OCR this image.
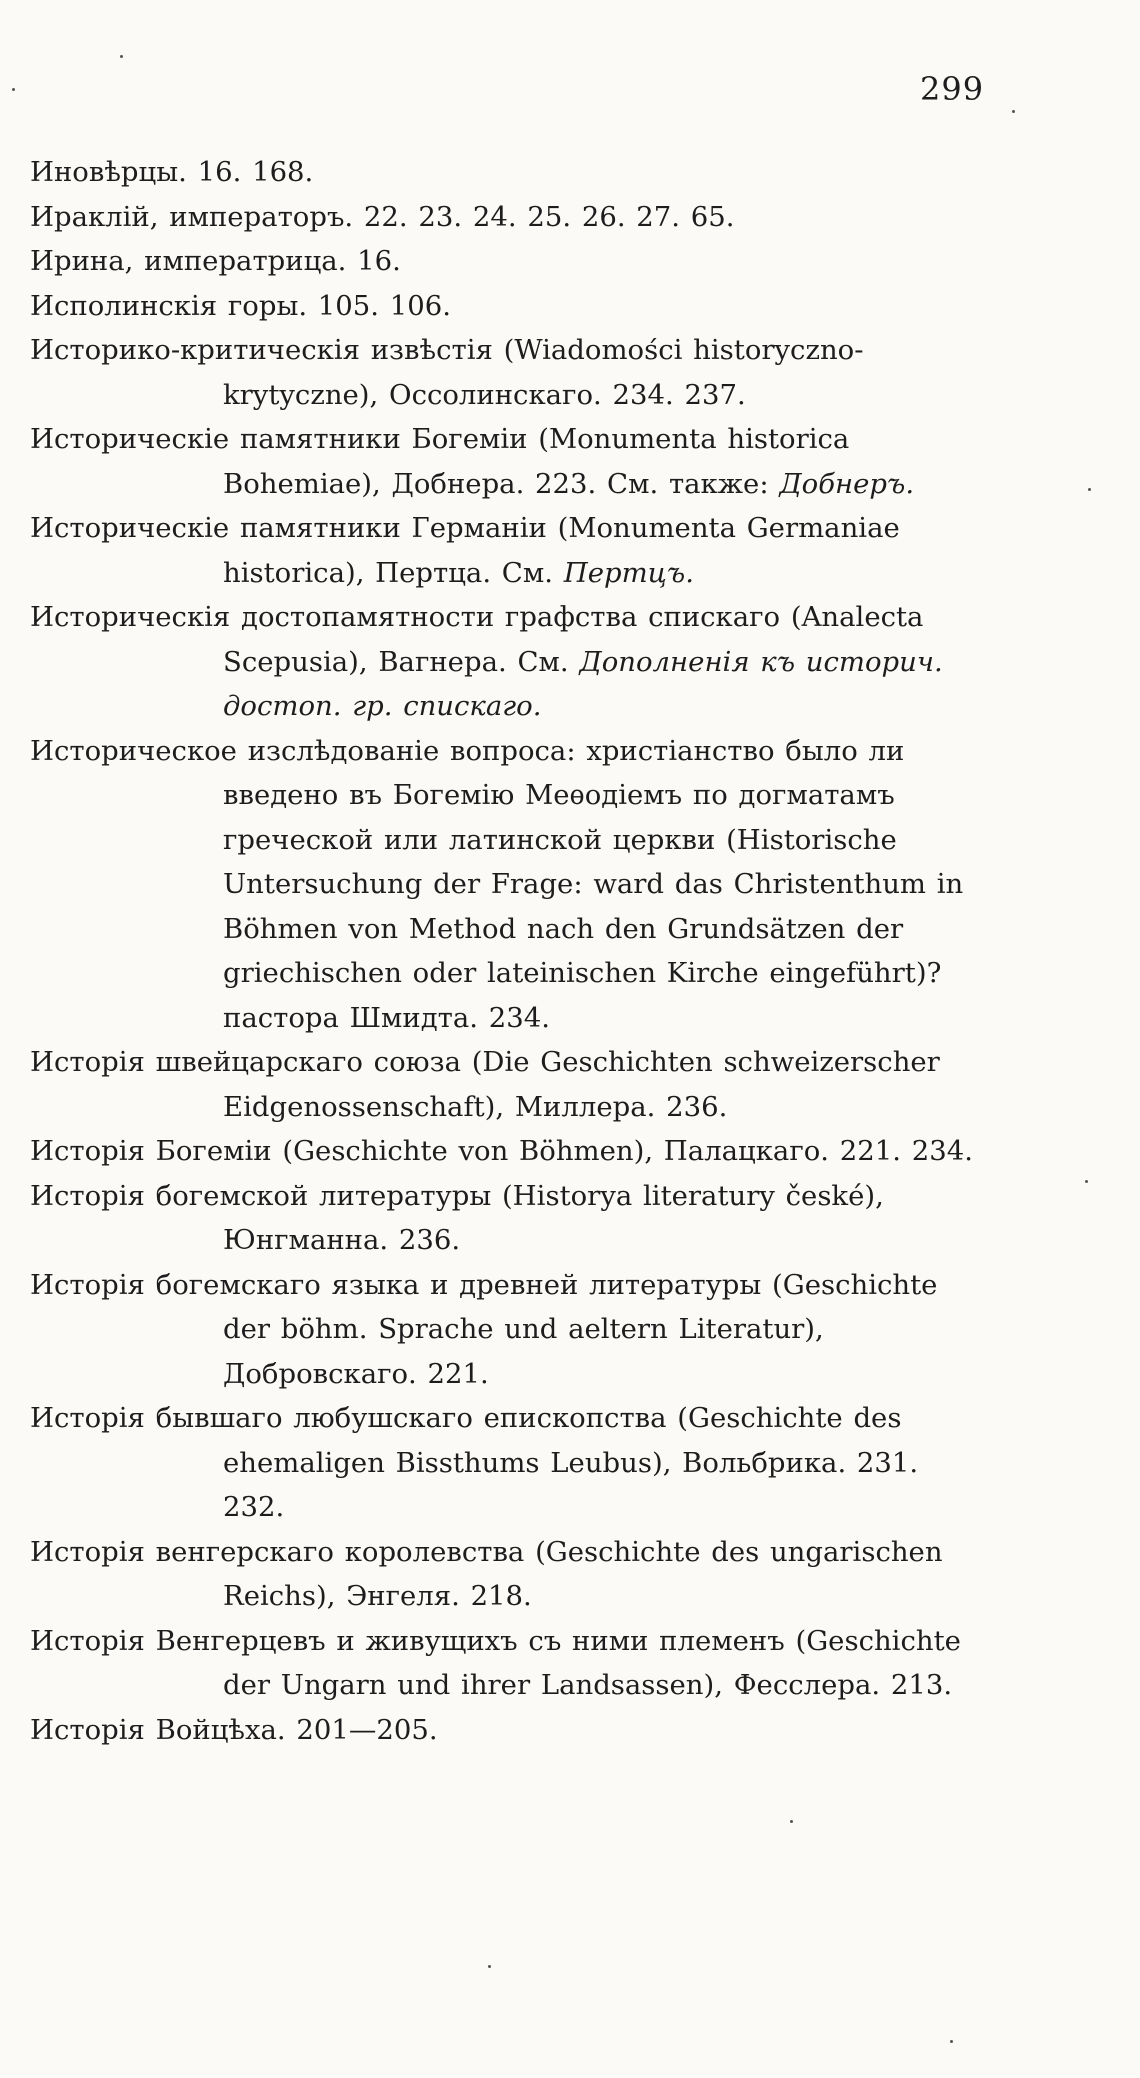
299

Иновѣрцы. 16. 168.

Ираклій, императоръ. 22. 23. 24. 25. 26. 27. 65.

Ирина, императрица. 16.

Исполинскія горы. 105. 106.

Историко-критическія извѣстія (Wiadomości historyczno-krytyczne), Оссолинскаго. 234. 237.

Историческіе памятники Богеміи (Monumenta historica Bohemiae), Добнера. 223. См. также: Добнеръ.

Историческіе памятники Германіи (Monumenta Germaniae historica), Пертца. См. Пертцъ.

Историческія достопамятности графства спискаго (Analecta Scepusia), Вагнера. См. Дополненія къ историч. достоп. гр. спискаго.

Историческое изслѣдованіе вопроса: христіанство было ли введено въ Богемію Меѳодіемъ по догматамъ греческой или латинской церкви (Historische Untersuchung der Frage: ward das Christenthum in Böhmen von Method nach den Grundsätzen der griechischen oder lateinischen Kirche eingeführt)? пастора Шмидта. 234.

Исторія швейцарскаго союза (Die Geschichten schweizerscher Eidgenossenschaft), Миллера. 236.

Исторія Богеміи (Geschichte von Böhmen), Палацкаго. 221. 234.

Исторія богемской литературы (Historya literatury české), Юнгманна. 236.

Исторія богемскаго языка и древней литературы (Geschichte der böhm. Sprache und aeltern Literatur), Добровскаго. 221.

Исторія бывшаго любушскаго епископства (Geschichte des ehemaligen Bissthums Leubus), Вольбрика. 231. 232.

Исторія венгерскаго королевства (Geschichte des ungarischen Reichs), Энгеля. 218.

Исторія Венгерцевъ и живущихъ съ ними племенъ (Geschichte der Ungarn und ihrer Landsassen), Фесслера. 213.

Исторія Войцѣха. 201—205.
